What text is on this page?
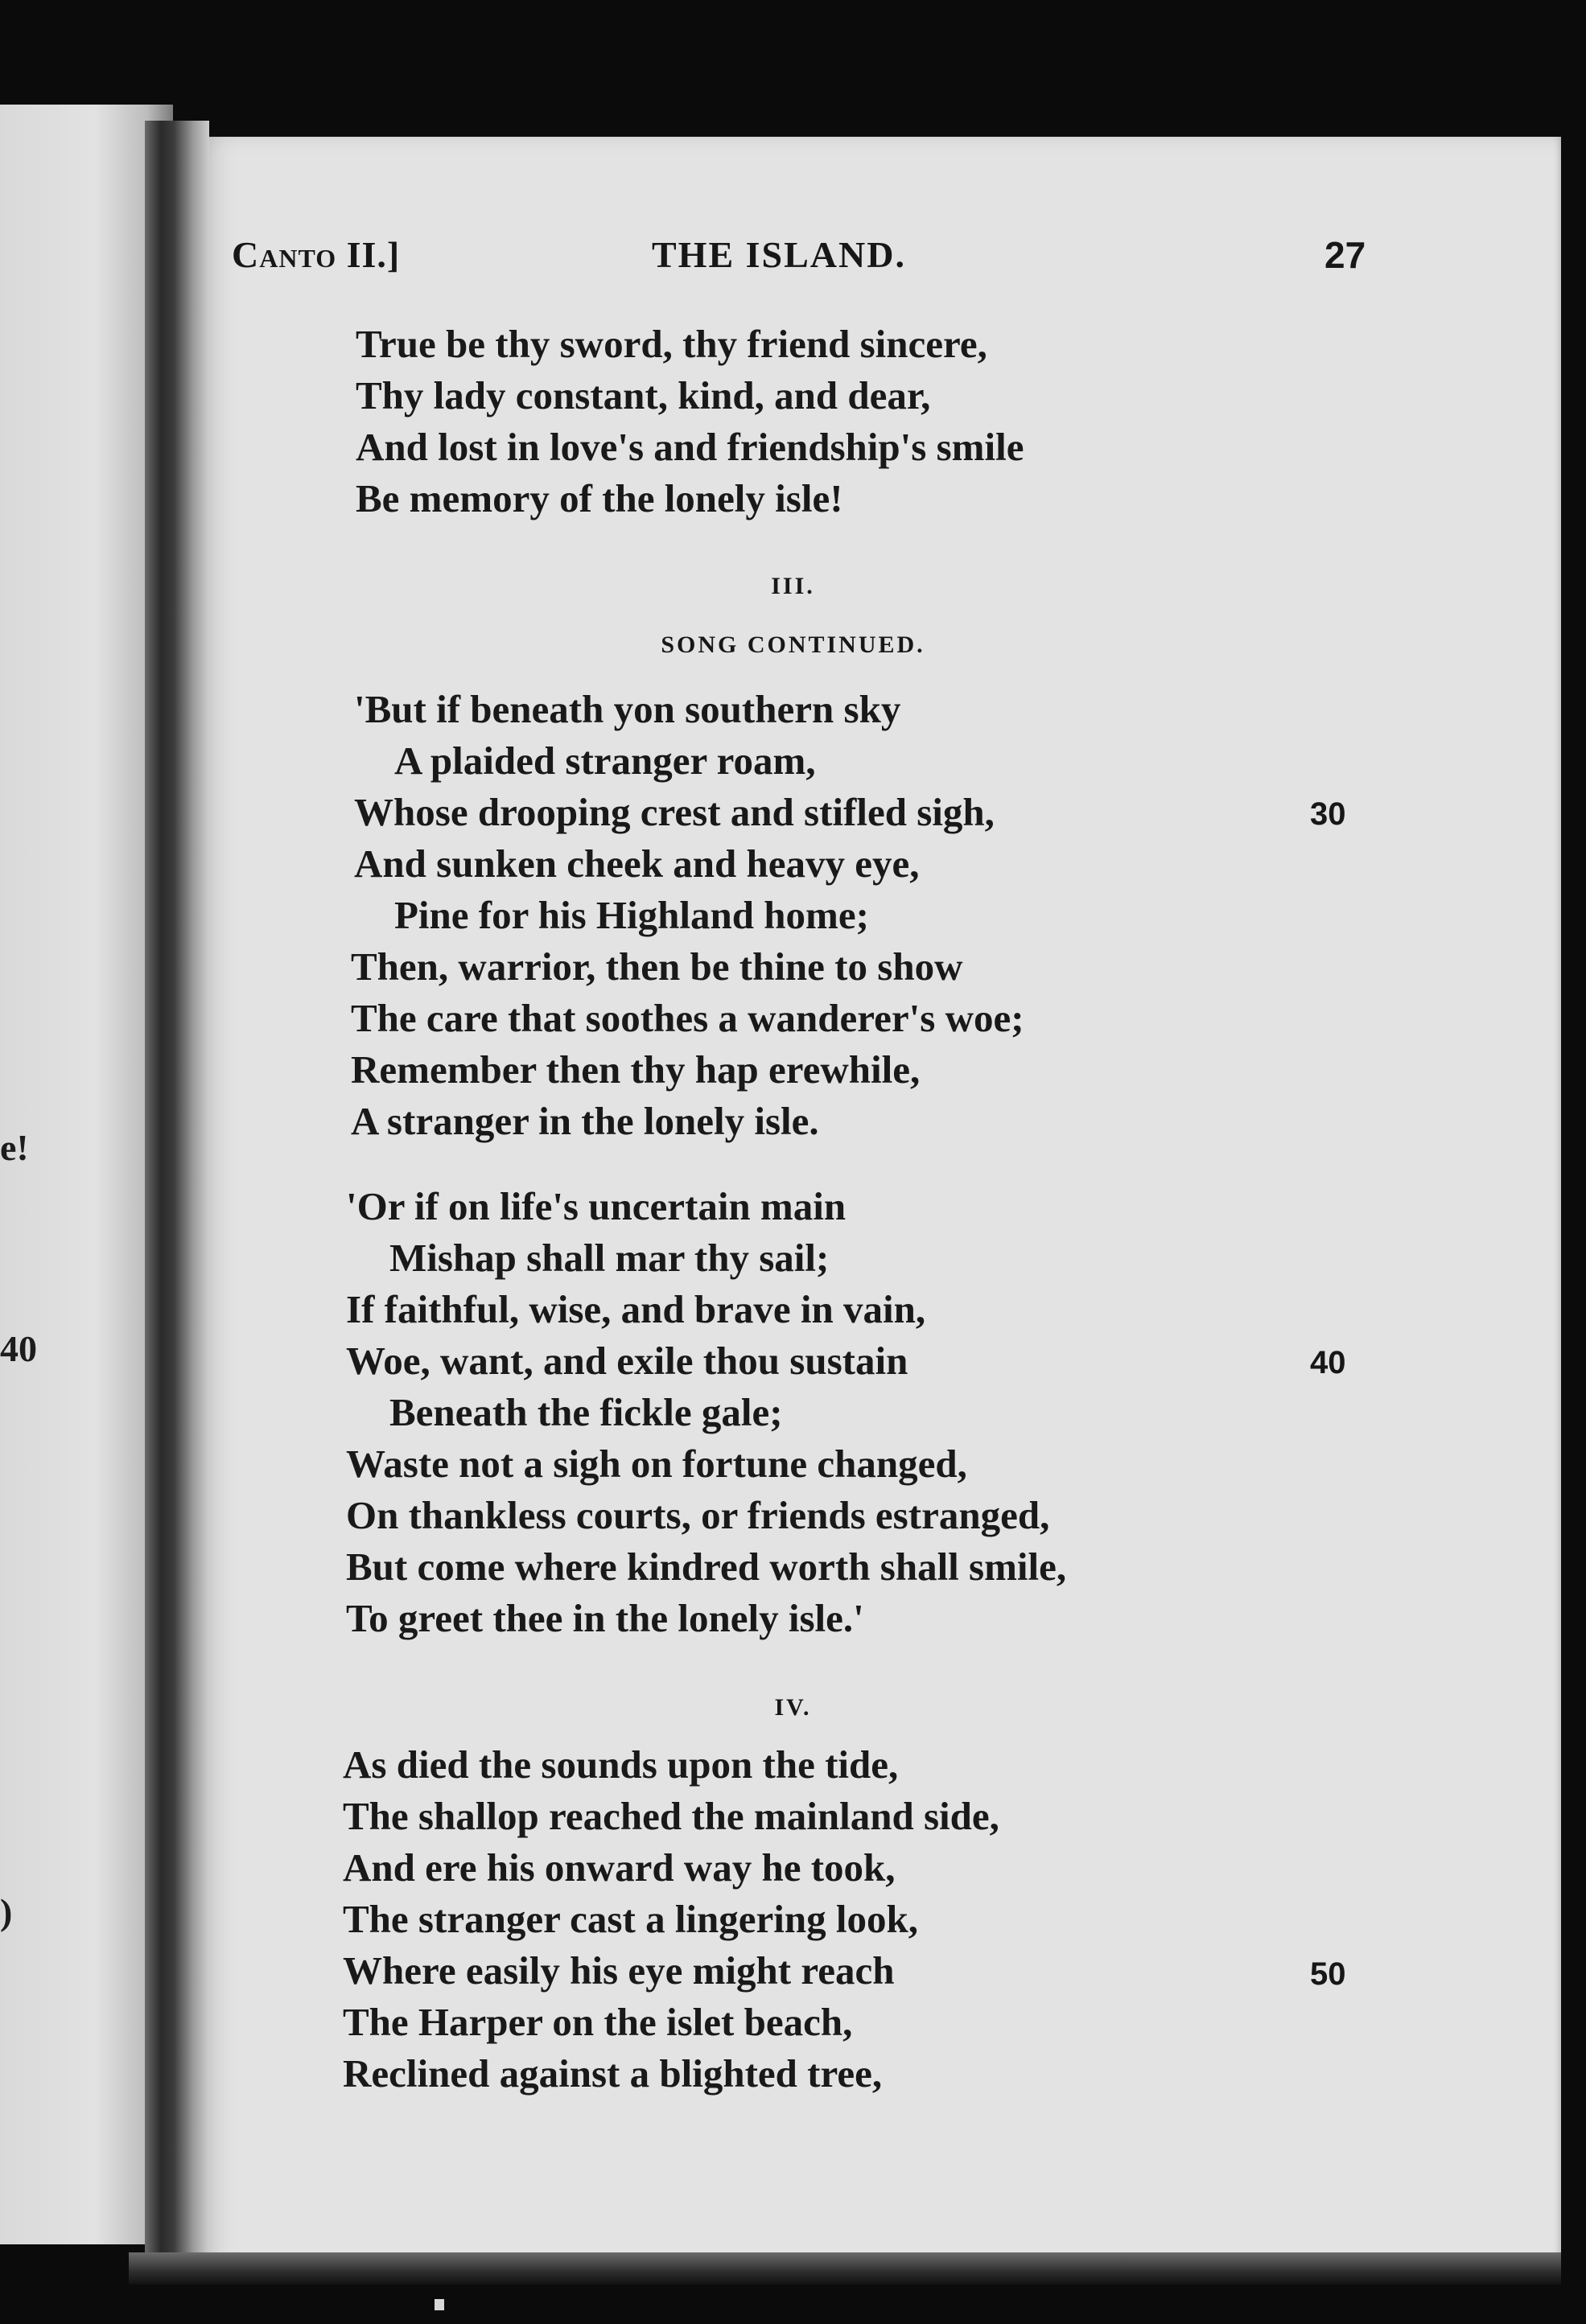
e!
40
)
Canto II.]	THE ISLAND.	27
True be thy sword, thy friend sincere,
Thy lady constant, kind, and dear,
And lost in love's and friendship's smile
Be memory of the lonely isle!
III.
SONG CONTINUED.
'But if beneath yon southern sky
A plaided stranger roam,
Whose drooping crest and stifled sigh,
And sunken cheek and heavy eye,
Pine for his Highland home;
Then, warrior, then be thine to show
The care that soothes a wanderer's woe;
Remember then thy hap erewhile,
A stranger in the lonely isle.
'Or if on life's uncertain main
Mishap shall mar thy sail;
If faithful, wise, and brave in vain,
Woe, want, and exile thou sustain
Beneath the fickle gale;
Waste not a sigh on fortune changed,
On thankless courts, or friends estranged,
But come where kindred worth shall smile,
To greet thee in the lonely isle.'
IV.
As died the sounds upon the tide,
The shallop reached the mainland side,
And ere his onward way he took,
The stranger cast a lingering look,
Where easily his eye might reach
The Harper on the islet beach,
Reclined against a blighted tree,
30
40
50
